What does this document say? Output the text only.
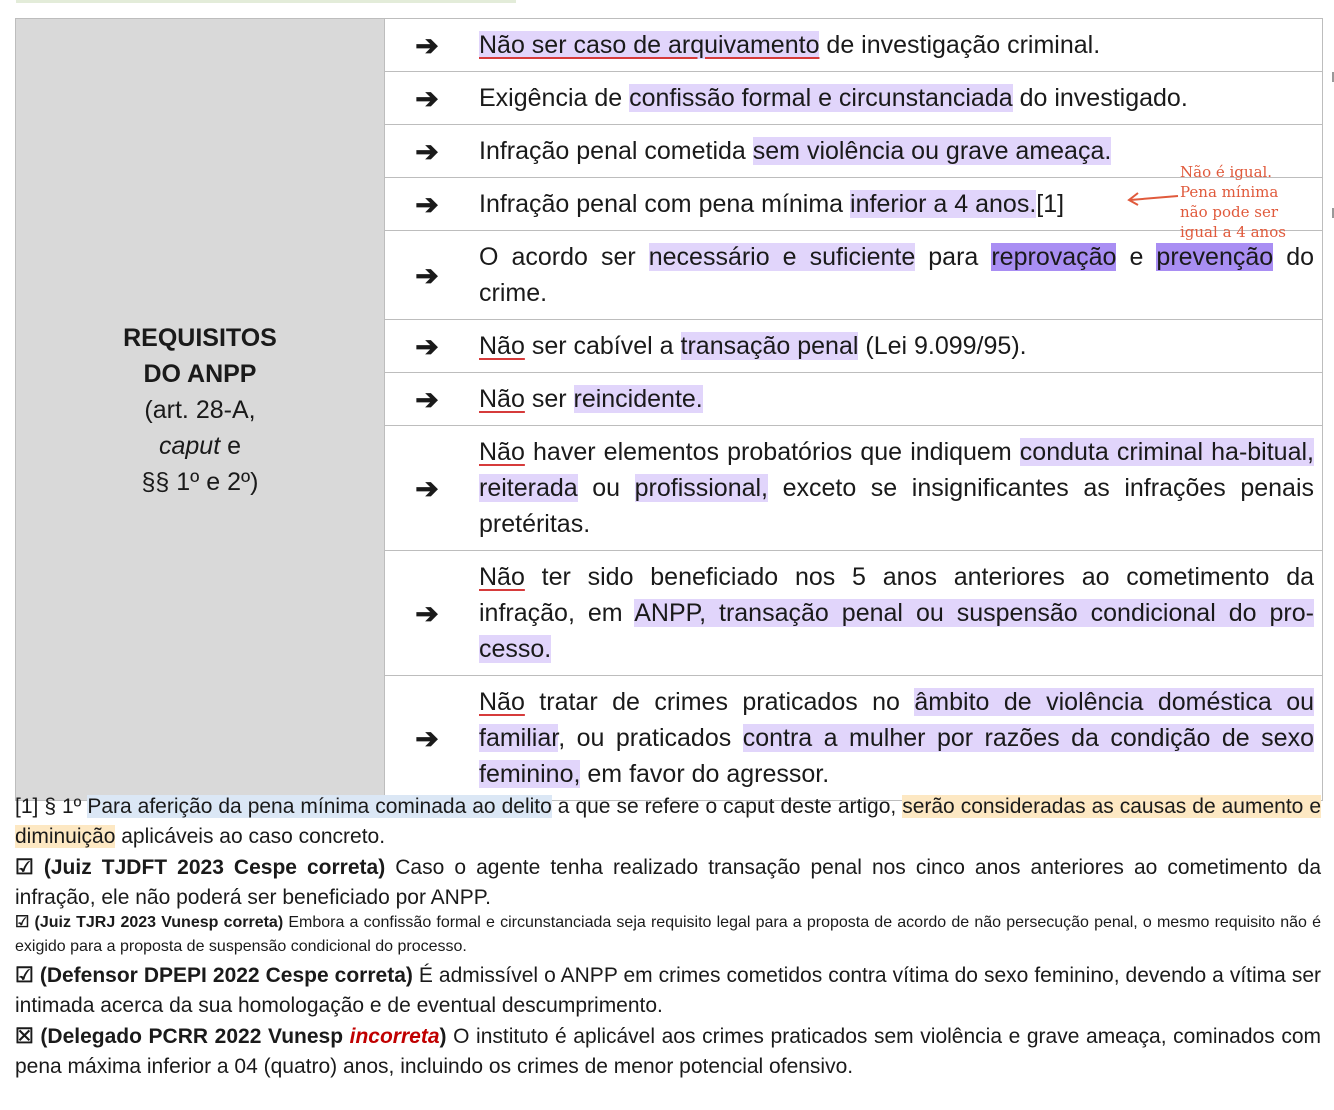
REQUISITOS
DO ANPP
(art. 28-A,
caput e
§§ 1º e 2º)	➔	Não ser caso de arquivamento de investigação criminal.
	➔	Exigência de confissão formal e circunstanciada do investigado.
	➔	Infração penal cometida sem violência ou grave ameaça.
	➔	Infração penal com pena mínima inferior a 4 anos.[1]
	➔	O acordo ser necessário e suficiente para reprovação e prevenção do crime.
	➔	Não ser cabível a transação penal (Lei 9.099/95).
	➔	Não ser reincidente.
	➔	Não haver elementos probatórios que indiquem conduta criminal ha-bitual, reiterada ou profissional, exceto se insignificantes as infrações penais pretéritas.
	➔	Não ter sido beneficiado nos 5 anos anteriores ao cometimento da infração, em ANPP, transação penal ou suspensão condicional do pro-cesso.
	➔	Não tratar de crimes praticados no âmbito de violência doméstica ou familiar, ou praticados contra a mulher por razões da condição de sexo feminino, em favor do agressor.
Não é igual.
Pena mínima
não pode ser
igual a 4 anos
[1] § 1º Para aferição da pena mínima cominada ao delito a que se refere o caput deste artigo, serão consideradas as causas de aumento e diminuição aplicáveis ao caso concreto.
☑ (Juiz TJDFT 2023 Cespe correta) Caso o agente tenha realizado transação penal nos cinco anos anteriores ao cometimento da infração, ele não poderá ser beneficiado por ANPP.
☑ (Juiz TJRJ 2023 Vunesp correta) Embora a confissão formal e circunstanciada seja requisito legal para a proposta de acordo de não persecução penal, o mesmo requisito não é exigido para a proposta de suspensão condicional do processo.
☑ (Defensor DPEPI 2022 Cespe correta) É admissível o ANPP em crimes cometidos contra vítima do sexo feminino, devendo a vítima ser intimada acerca da sua homologação e de eventual descumprimento.
☒ (Delegado PCRR 2022 Vunesp incorreta) O instituto é aplicável aos crimes praticados sem violência e grave ameaça, cominados com pena máxima inferior a 04 (quatro) anos, incluindo os crimes de menor potencial ofensivo.
